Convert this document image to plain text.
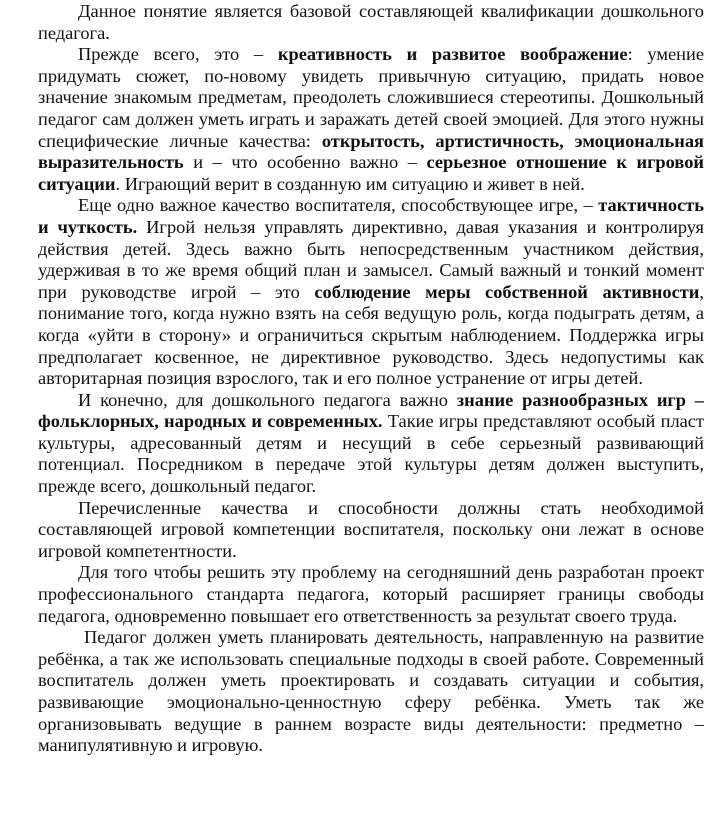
Данное понятие является базовой составляющей квалификации дошкольного
педагога.
Прежде всего, это – креативность и развитое воображение: умение
придумать сюжет, по-новому увидеть привычную ситуацию, придать новое
значение знакомым предметам, преодолеть сложившиеся стереотипы. Дошкольный
педагог сам должен уметь играть и заражать детей своей эмоцией. Для этого нужны
специфические личные качества: открытость, артистичность, эмоциональная
выразительность и – что особенно важно – серьезное отношение к игровой
ситуации. Играющий верит в созданную им ситуацию и живет в ней.
Еще одно важное качество воспитателя, способствующее игре, – тактичность
и чуткость. Игрой нельзя управлять директивно, давая указания и контролируя
действия детей. Здесь важно быть непосредственным участником действия,
удерживая в то же время общий план и замысел. Самый важный и тонкий момент
при руководстве игрой – это соблюдение меры собственной активности,
понимание того, когда нужно взять на себя ведущую роль, когда подыграть детям, а
когда «уйти в сторону» и ограничиться скрытым наблюдением. Поддержка игры
предполагает косвенное, не директивное руководство. Здесь недопустимы как
авторитарная позиция взрослого, так и его полное устранение от игры детей.
И конечно, для дошкольного педагога важно знание разнообразных игр –
фольклорных, народных и современных. Такие игры представляют особый пласт
культуры, адресованный детям и несущий в себе серьезный развивающий
потенциал. Посредником в передаче этой культуры детям должен выступить,
прежде всего, дошкольный педагог.
Перечисленные качества и способности должны стать необходимой
составляющей игровой компетенции воспитателя, поскольку они лежат в основе
игровой компетентности.
Для того чтобы решить эту проблему на сегодняшний день разработан проект
профессионального стандарта педагога, который расширяет границы свободы
педагога, одновременно повышает его ответственность за результат своего труда.
Педагог должен уметь планировать деятельность, направленную на развитие
ребёнка, а так же использовать специальные подходы в своей работе. Современный
воспитатель должен уметь проектировать и создавать ситуации и события,
развивающие эмоционально-ценностную сферу ребёнка. Уметь так же
организовывать ведущие в раннем возрасте виды деятельности: предметно –
манипулятивную и игровую.
